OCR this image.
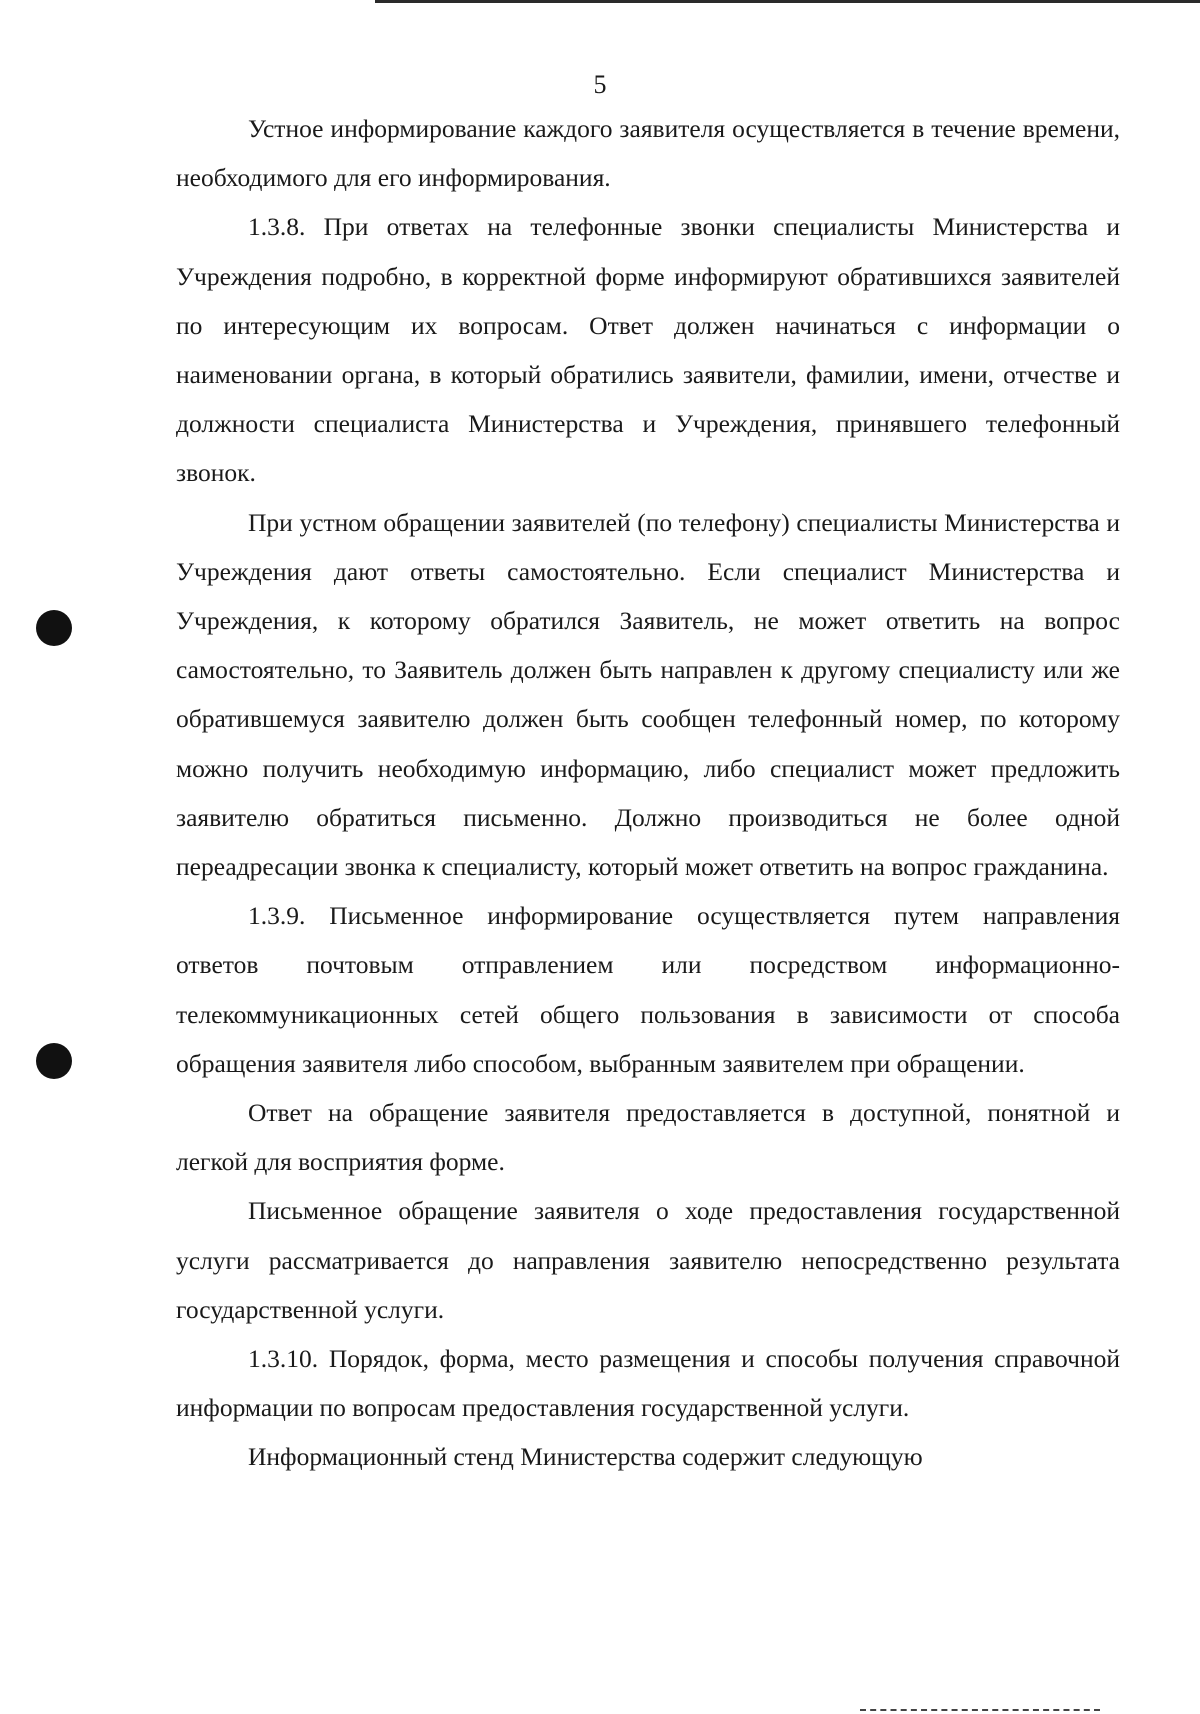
5

Устное информирование каждого заявителя осуществляется в течение времени, необходимого для его информирования.

1.3.8. При ответах на телефонные звонки специалисты Министерства и Учреждения подробно, в корректной форме информируют обратившихся заявителей по интересующим их вопросам. Ответ должен начинаться с информации о наименовании органа, в который обратились заявители, фамилии, имени, отчестве и должности специалиста Министерства и Учреждения, принявшего телефонный звонок.

При устном обращении заявителей (по телефону) специалисты Министерства и Учреждения дают ответы самостоятельно. Если специалист Министерства и Учреждения, к которому обратился Заявитель, не может ответить на вопрос самостоятельно, то Заявитель должен быть направлен к другому специалисту или же обратившемуся заявителю должен быть сообщен телефонный номер, по которому можно получить необходимую информацию, либо специалист может предложить заявителю обратиться письменно. Должно производиться не более одной переадресации звонка к специалисту, который может ответить на вопрос гражданина.

1.3.9. Письменное информирование осуществляется путем направления ответов почтовым отправлением или посредством информационно-телекоммуникационных сетей общего пользования в зависимости от способа обращения заявителя либо способом, выбранным заявителем при обращении.

Ответ на обращение заявителя предоставляется в доступной, понятной и легкой для восприятия форме.

Письменное обращение заявителя о ходе предоставления государственной услуги рассматривается до направления заявителю непосредственно результата государственной услуги.

1.3.10. Порядок, форма, место размещения и способы получения справочной информации по вопросам предоставления государственной услуги.

Информационный стенд Министерства содержит следующую
